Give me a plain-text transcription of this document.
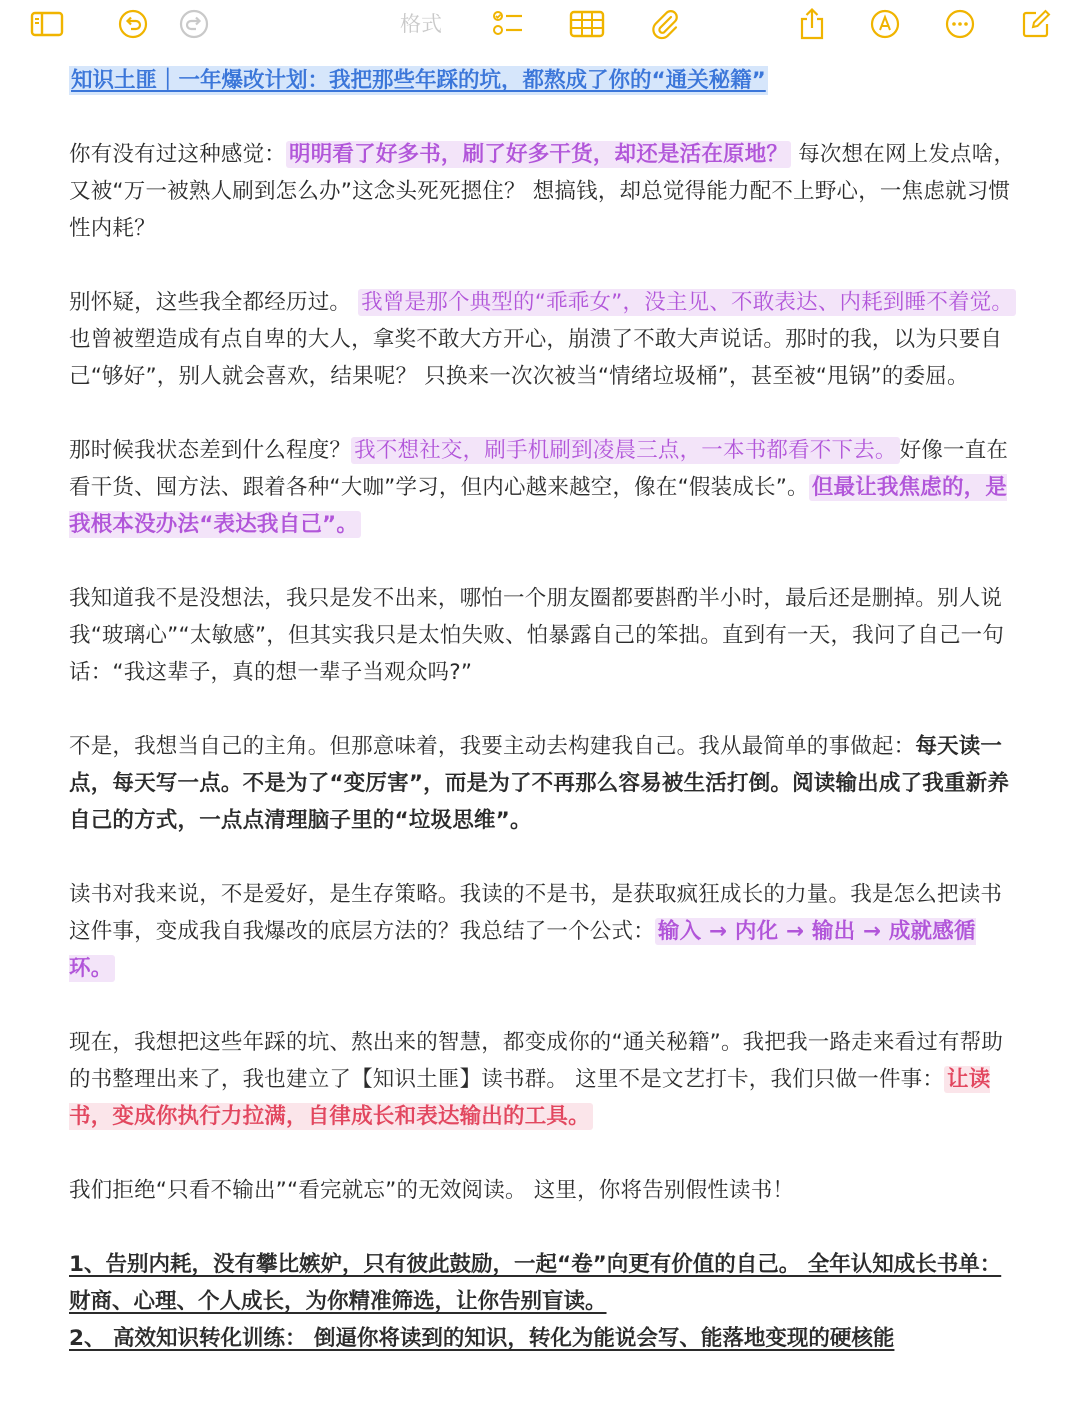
格式

知识土匪｜一年爆改计划：我把那些年踩的坑，都熬成了你的“通关秘籍”

你有没有过这种感觉： 明明看了好多书，刷了好多干货，却还是活在原地？ 每次想在网上发点啥，又被“万一被熟人刷到怎么办”这念头死死摁住？ 想搞钱，却总觉得能力配不上野心，一焦虑就习惯性内耗？

别怀疑，这些我全都经历过。 我曾是那个典型的“乖乖女”，没主见、不敢表达、内耗到睡不着觉。 也曾被塑造成有点自卑的大人，拿奖不敢大方开心，崩溃了不敢大声说话。那时的我，以为只要自己“够好”，别人就会喜欢，结果呢？ 只换来一次次被当“情绪垃圾桶”，甚至被“甩锅”的委屈。

那时候我状态差到什么程度？ 我不想社交，刷手机刷到凌晨三点，一本书都看不下去。 好像一直在看干货、囤方法、跟着各种“大咖”学习，但内心越来越空，像在“假装成长”。 但最让我焦虑的，是我根本没办法“表达我自己”。

我知道我不是没想法，我只是发不出来，哪怕一个朋友圈都要斟酌半小时，最后还是删掉。别人说我“玻璃心”“太敏感”，但其实我只是太怕失败、怕暴露自己的笨拙。直到有一天，我问了自己一句话：“我这辈子，真的想一辈子当观众吗?”

不是，我想当自己的主角。但那意味着，我要主动去构建我自己。我从最简单的事做起：每天读一点，每天写一点。不是为了“变厉害”，而是为了不再那么容易被生活打倒。阅读输出成了我重新养自己的方式，一点点清理脑子里的“垃圾思维”。

读书对我来说，不是爱好，是生存策略。我读的不是书，是获取疯狂成长的力量。我是怎么把读书这件事，变成我自我爆改的底层方法的？我总结了一个公式： 输入 → 内化 → 输出 → 成就感循环。

现在，我想把这些年踩的坑、熬出来的智慧，都变成你的“通关秘籍”。我把我一路走来看过有帮助的书整理出来了，我也建立了【知识土匪】读书群。 这里不是文艺打卡，我们只做一件事： 让读书，变成你执行力拉满，自律成长和表达输出的工具。

我们拒绝“只看不输出”“看完就忘”的无效阅读。 这里，你将告别假性读书！

1、告别内耗，没有攀比嫉妒，只有彼此鼓励，一起“卷”向更有价值的自己。 全年认知成长书单： 财商、心理、个人成长，为你精准筛选，让你告别盲读。

2、 高效知识转化训练： 倒逼你将读到的知识，转化为能说会写、能落地变现的硬核能
